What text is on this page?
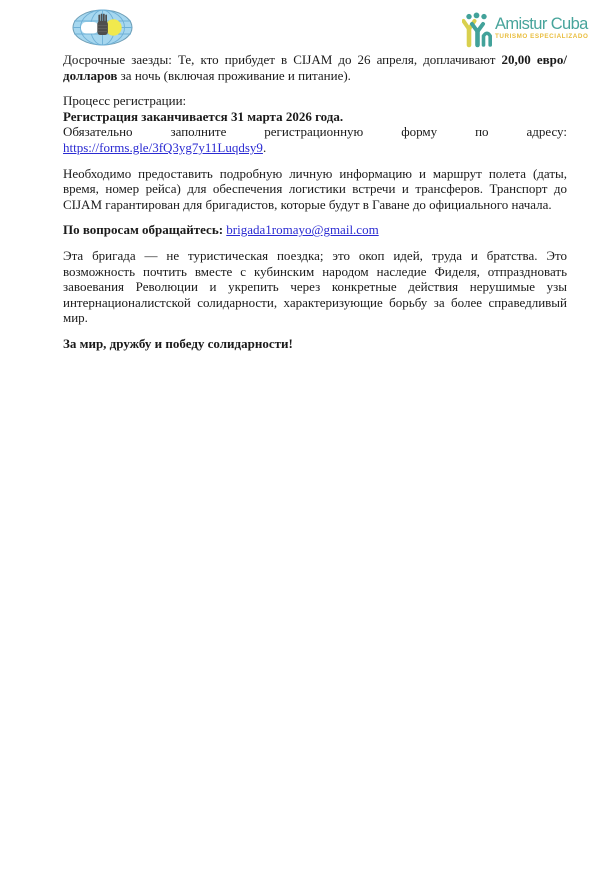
Amistur Cuba
TURISMO ESPECIALIZADO

Досрочные заезды: Те, кто прибудет в CIJAM до 26 апреля, доплачивают 20,00 евро/долларов за ночь (включая проживание и питание).

Процесс регистрации:
Регистрация заканчивается 31 марта 2026 года.
Обязательно заполните регистрационную форму по адресу:
https://forms.gle/3fQ3yg7y11Luqdsy9.

Необходимо предоставить подробную личную информацию и маршрут полета (даты, время, номер рейса) для обеспечения логистики встречи и трансферов. Транспорт до CIJAM гарантирован для бригадистов, которые будут в Гаване до официального начала.

По вопросам обращайтесь: brigada1romayo@gmail.com

Эта бригада — не туристическая поездка; это окоп идей, труда и братства. Это возможность почтить вместе с кубинским народом наследие Фиделя, отпраздновать завоевания Революции и укрепить через конкретные действия нерушимые узы интернационалистской солидарности, характеризующие борьбу за более справедливый мир.

За мир, дружбу и победу солидарности!
